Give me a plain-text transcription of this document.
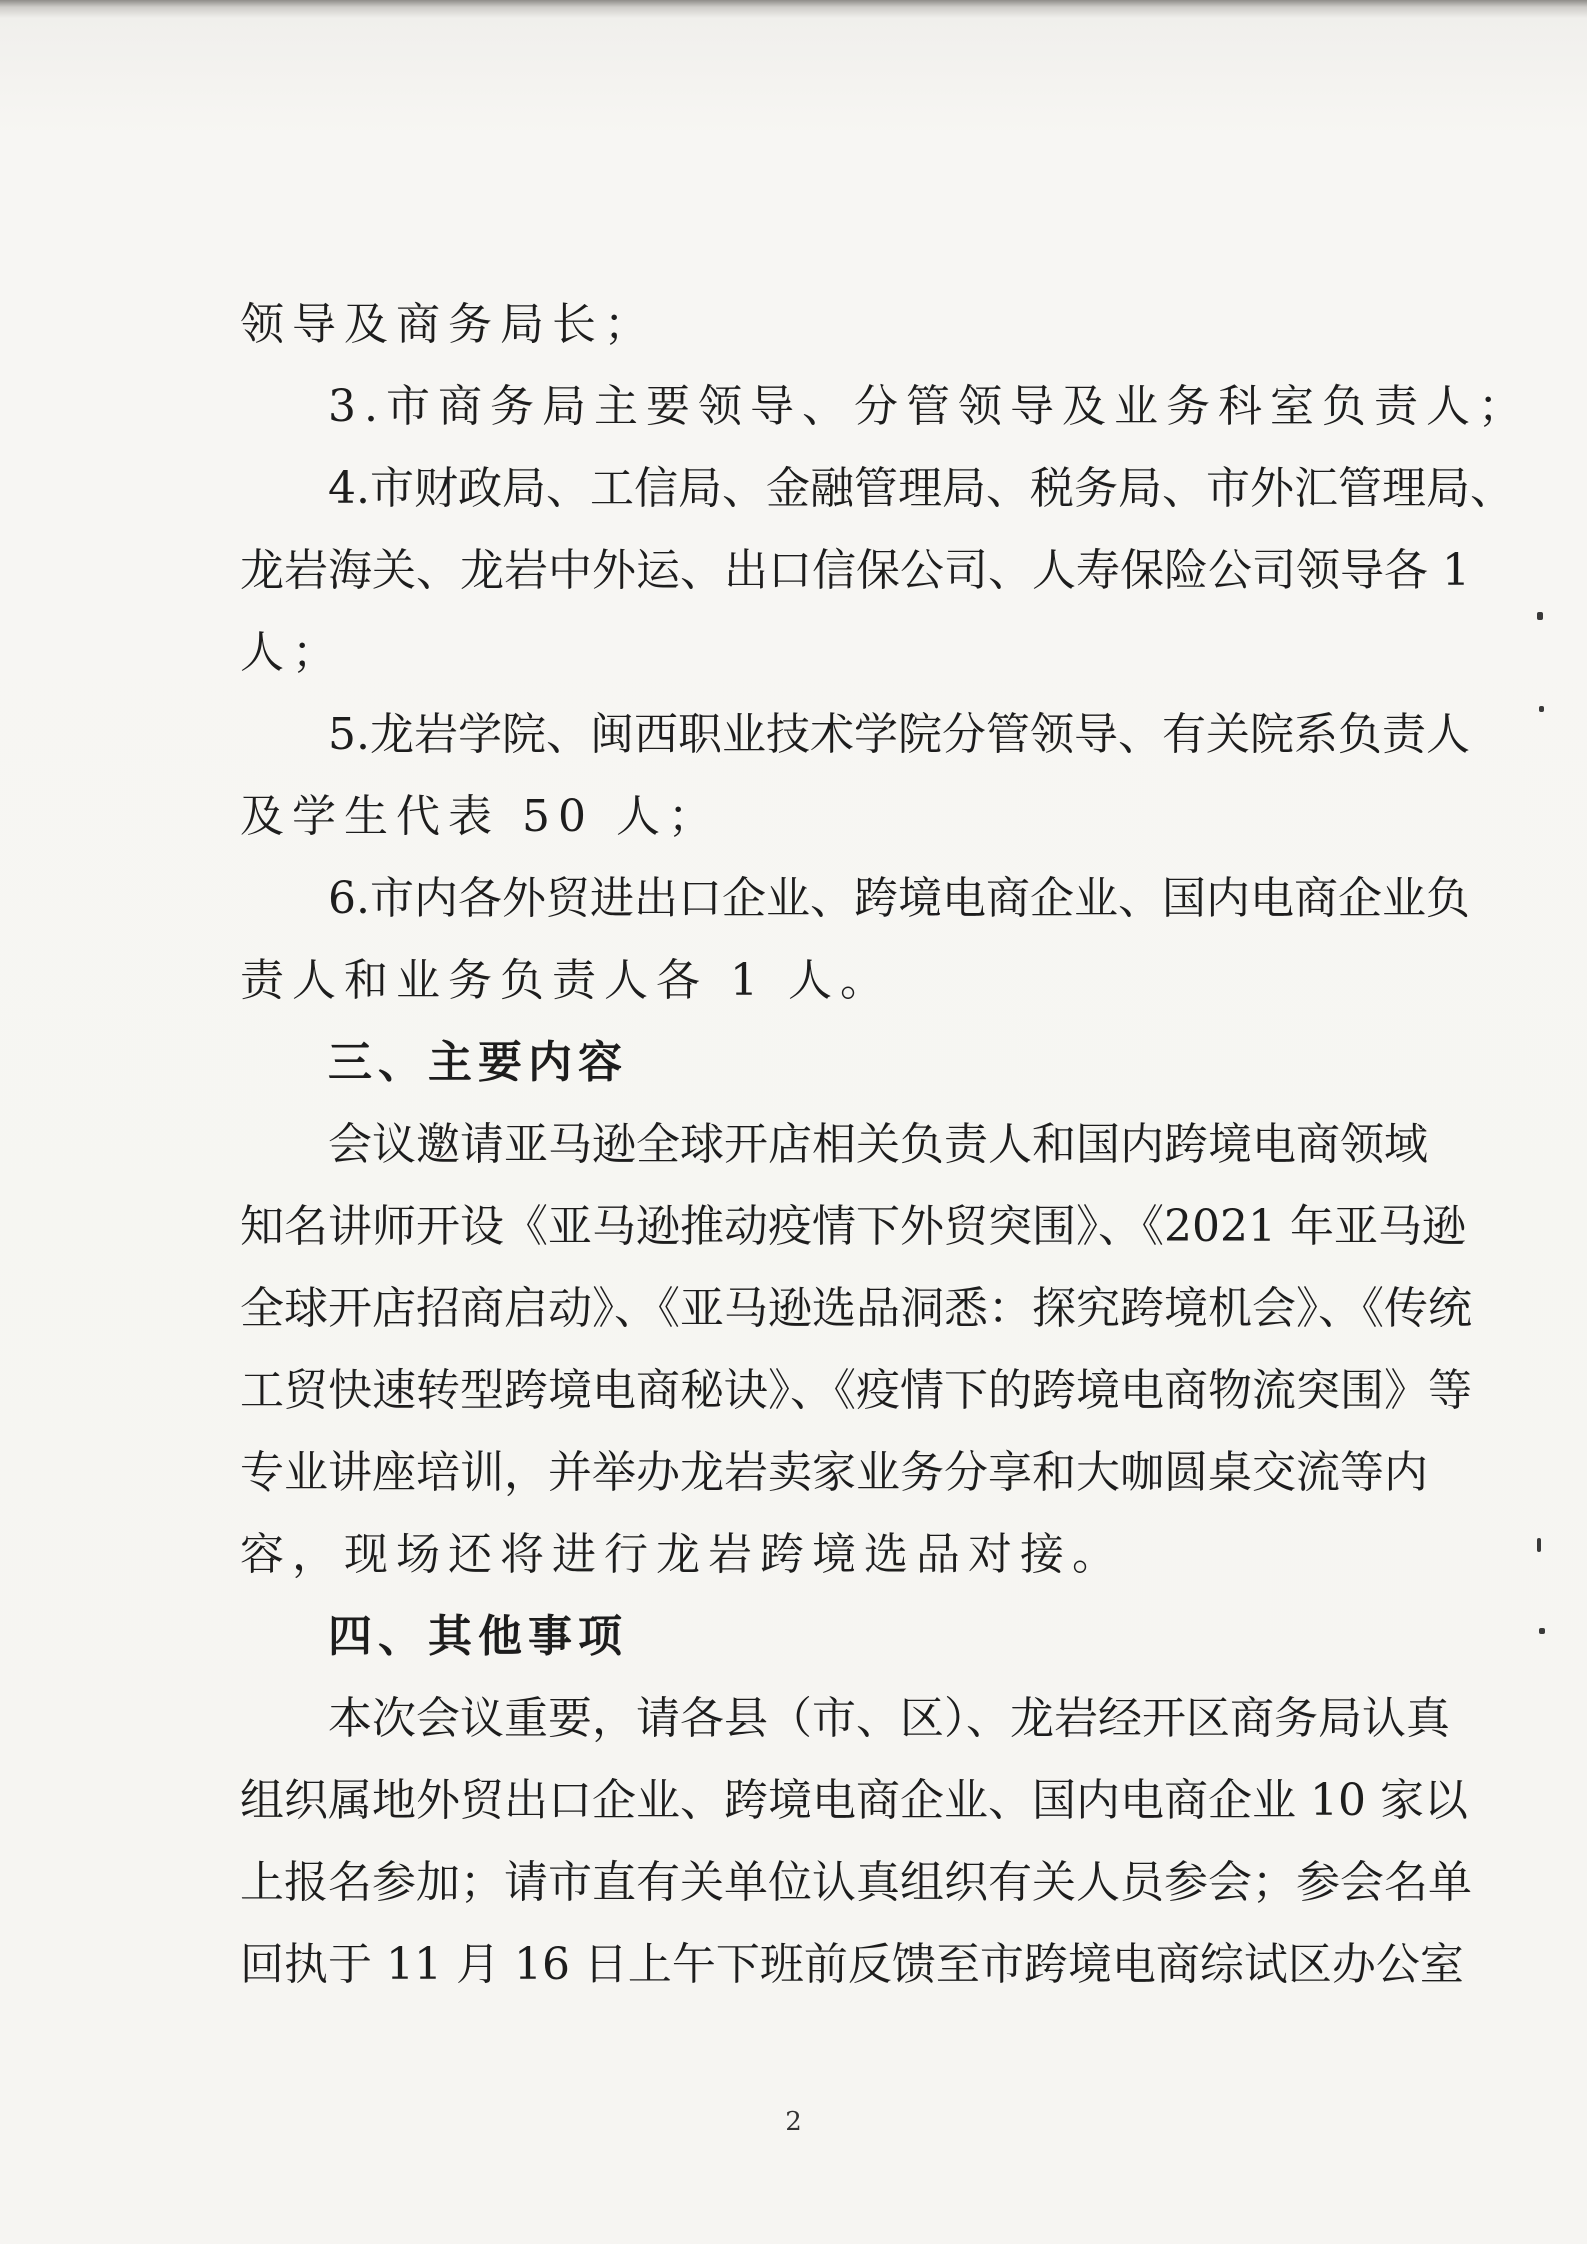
领导及商务局长；
3.市商务局主要领导、分管领导及业务科室负责人；
4.市财政局、工信局、金融管理局、税务局、市外汇管理局、
龙岩海关、龙岩中外运、出口信保公司、人寿保险公司领导各 1
人；
5.龙岩学院、闽西职业技术学院分管领导、有关院系负责人
及学生代表 50 人；
6.市内各外贸进出口企业、跨境电商企业、国内电商企业负
责人和业务负责人各 1 人。
三、主要内容
会议邀请亚马逊全球开店相关负责人和国内跨境电商领域
知名讲师开设《亚马逊推动疫情下外贸突围》、《2021 年亚马逊
全球开店招商启动》、《亚马逊选品洞悉：探究跨境机会》、《传统
工贸快速转型跨境电商秘诀》、《疫情下的跨境电商物流突围》等
专业讲座培训，并举办龙岩卖家业务分享和大咖圆桌交流等内
容，现场还将进行龙岩跨境选品对接。
四、其他事项
本次会议重要，请各县（市、区）、龙岩经开区商务局认真
组织属地外贸出口企业、跨境电商企业、国内电商企业 10 家以
上报名参加；请市直有关单位认真组织有关人员参会；参会名单
回执于 11 月 16 日上午下班前反馈至市跨境电商综试区办公室
2
